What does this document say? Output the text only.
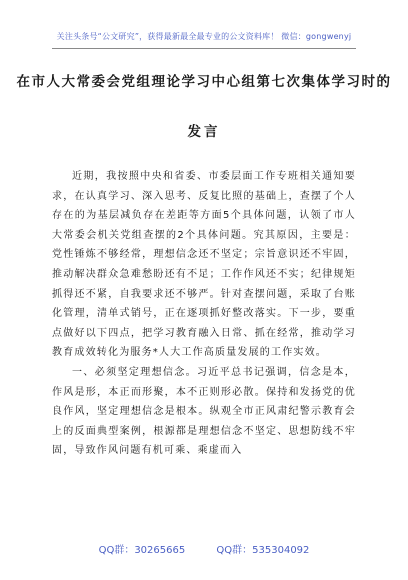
关注头条号“公文研究”，获得最新最全最专业的公文资料库！ 微信：gongwenyj
在市人大常委会党组理论学习中心组第七次集体学习时的
发言

近期，我按照中央和省委、市委层面工作专班相关通知要求，在认真学习、深入思考、反复比照的基础上，查摆了个人存在的为基层减负存在差距等方面5个具体问题，认领了市人大常委会机关党组查摆的2个具体问题。究其原因，主要是：党性锤炼不够经常，理想信念还不坚定；宗旨意识还不牢固，推动解决群众急难愁盼还有不足；工作作风还不实；纪律规矩抓得还不紧，自我要求还不够严。针对查摆问题，采取了台账化管理，清单式销号，正在逐项抓好整改落实。下一步，要重点做好以下四点，把学习教育融入日常、抓在经常，推动学习教育成效转化为服务*人大工作高质量发展的工作实效。

一、必须坚定理想信念。习近平总书记强调，信念是本，作风是形，本正而形聚，本不正则形必散。保持和发扬党的优良作风，坚定理想信念是根本。纵观全市正风肃纪警示教育会上的反面典型案例，根源都是理想信念不坚定、思想防线不牢固，导致作风问题有机可乘、乘虚而入

QQ群：30265665	QQ群：535304092
